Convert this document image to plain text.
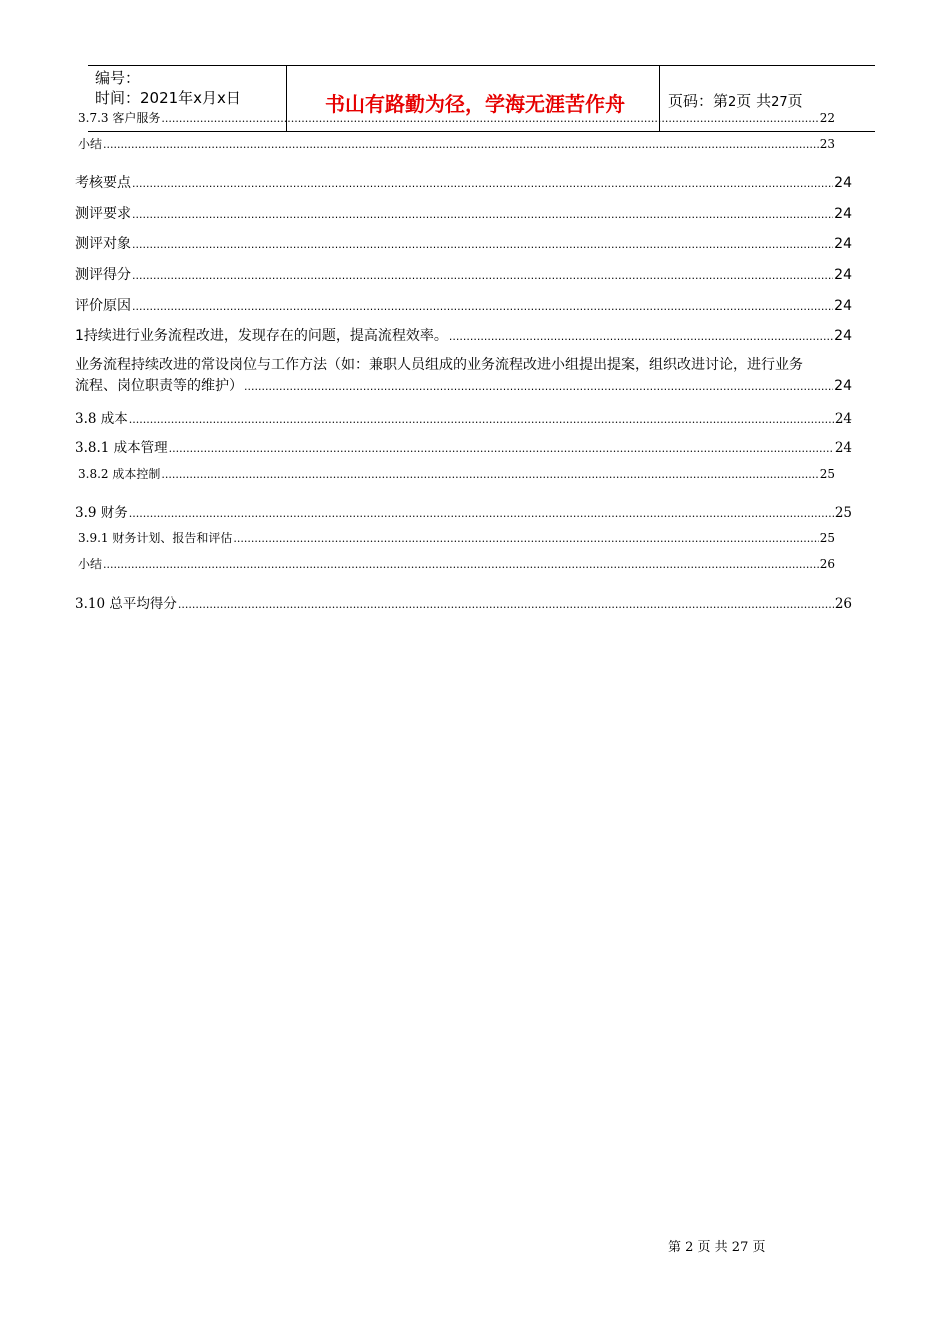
编号：
时间：2021年x月x日	书山有路勤为径，学海无涯苦作舟	页码：第2页 共27页
3.7.3 客户服务 .....	22
小结 .....	23
考核要点 .....	24
测评要求 .....	24
测评对象 .....	24
测评得分 .....	24
评价原因 .....	24
1持续进行业务流程改进，发现存在的问题，提高流程效率。 .....	24
业务流程持续改进的常设岗位与工作方法（如：兼职人员组成的业务流程改进小组提出提案，组织改进讨论，进行业务
流程、岗位职责等的维护） .....	24
3.8 成本 .....	24
3.8.1 成本管理 .....	24
3.8.2 成本控制 .....	25
3.9 财务 .....	25
3.9.1 财务计划、报告和评估 .....	25
小结 .....	26
3.10 总平均得分 .....	26
第 2 页 共 27 页
